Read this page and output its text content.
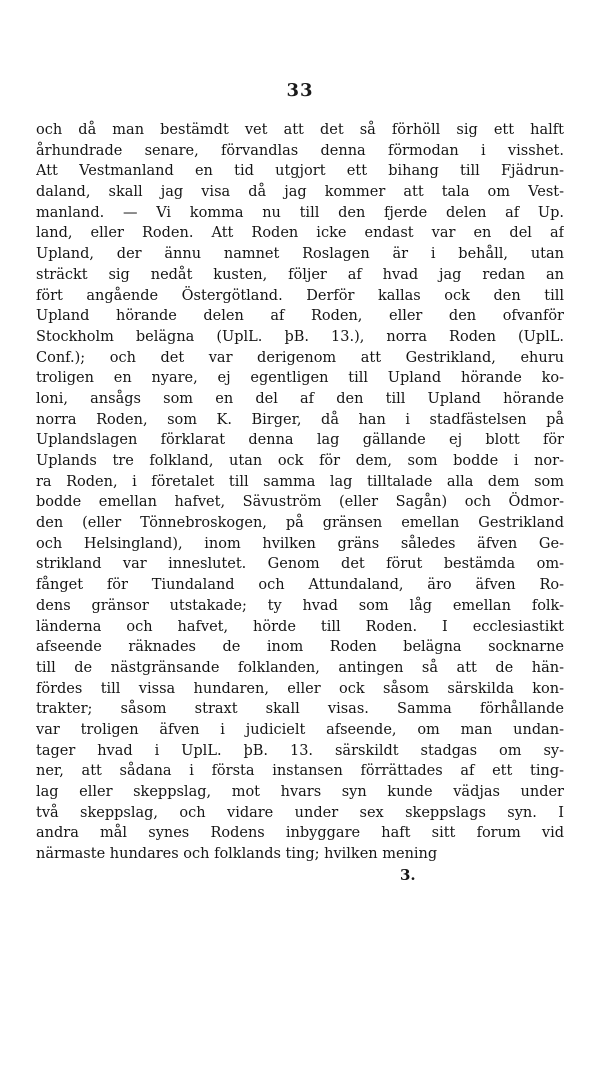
33
och då man bestämdt vet att det så förhöll sig ett halft
århundrade senare, förvandlas denna förmodan i visshet.
Att Vestmanland en tid utgjort ett bihang till Fjädrun-
daland, skall jag visa då jag kommer att tala om Vest-
manland. — Vi komma nu till den fjerde delen af Up.
land, eller Roden. Att Roden icke endast var en del af
Upland, der ännu namnet Roslagen är i behåll, utan
sträckt sig nedåt kusten, följer af hvad jag redan an
fört angående Östergötland. Derför kallas ock den till
Upland hörande delen af Roden, eller den ofvanför
Stockholm belägna (UplL. þB. 13.), norra Roden (UplL.
Conf.); och det var derigenom att Gestrikland, ehuru
troligen en nyare, ej egentligen till Upland hörande ko-
loni, ansågs som en del af den till Upland hörande
norra Roden, som K. Birger, då han i stadfästelsen på
Uplandslagen förklarat denna lag gällande ej blott för
Uplands tre folkland, utan ock för dem, som bodde i nor-
ra Roden, i företalet till samma lag tilltalade alla dem som
bodde emellan hafvet, Sävuström (eller Sagån) och Ödmor-
den (eller Tönnebroskogen, på gränsen emellan Gestrikland
och Helsingland), inom hvilken gräns således äfven Ge-
strikland var inneslutet. Genom det förut bestämda om-
fånget för Tiundaland och Attundaland, äro äfven Ro-
dens gränsor utstakade; ty hvad som låg emellan folk-
länderna och hafvet, hörde till Roden. I ecclesiastikt
afseende räknades de inom Roden belägna socknarne
till de nästgränsande folklanden, antingen så att de hän-
fördes till vissa hundaren, eller ock såsom särskilda kon-
trakter; såsom straxt skall visas. Samma förhållande
var troligen äfven i judicielt afseende, om man undan-
tager hvad i UplL. þB. 13. särskildt stadgas om sy-
ner, att sådana i första instansen förrättades af ett ting-
lag eller skeppslag, mot hvars syn kunde vädjas under
två skeppslag, och vidare under sex skeppslags syn. I
andra mål synes Rodens inbyggare haft sitt forum vid
närmaste hundares och folklands ting; hvilken mening
3.
